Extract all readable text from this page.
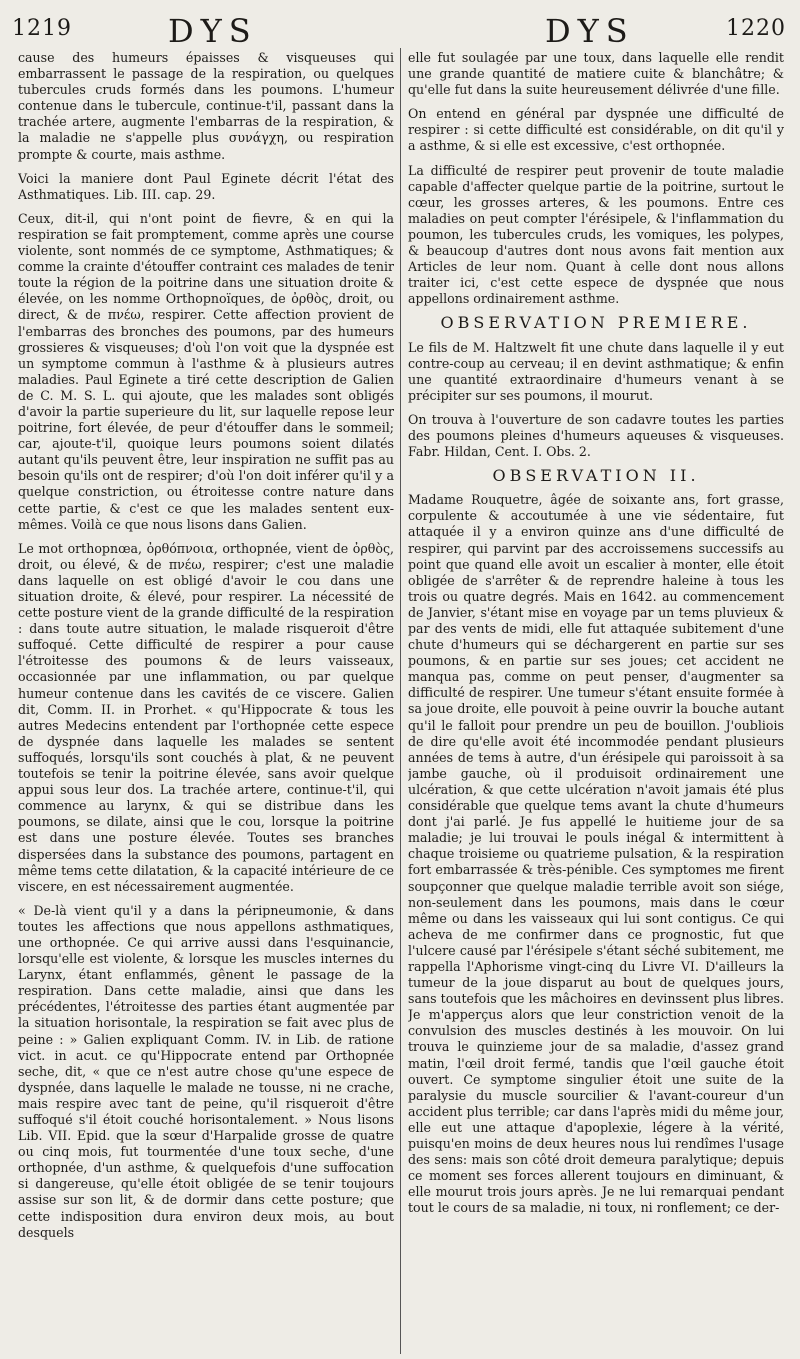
1219	DYS	DYS	1220

cause des humeurs épaisses & visqueuses qui embarrassent le passage de la respiration, ou quelques tubercules cruds formés dans les poumons. L'humeur contenue dans le tubercule, continue-t'il, passant dans la trachée artere, augmente l'embarras de la respiration, & la maladie ne s'appelle plus συνάγχη, ou respiration prompte & courte, mais asthme.

Voici la maniere dont Paul Eginete décrit l'état des Asthmatiques. Lib. III. cap. 29.

Ceux, dit-il, qui n'ont point de fievre, & en qui la respiration se fait promptement, comme après une course violente, sont nommés de ce symptome, Asthmatiques; & comme la crainte d'étouffer contraint ces malades de tenir toute la région de la poitrine dans une situation droite & élevée, on les nomme Orthopnoïques, de ὀρθὸς, droit, ou direct, & de πνέω, respirer. Cette affection provient de l'embarras des bronches des poumons, par des humeurs grossieres & visqueuses; d'où l'on voit que la dyspnée est un symptome commun à l'asthme & à plusieurs autres maladies. Paul Eginete a tiré cette description de Galien de C. M. S. L. qui ajoute, que les malades sont obligés d'avoir la partie superieure du lit, sur laquelle repose leur poitrine, fort élevée, de peur d'étouffer dans le sommeil; car, ajoute-t'il, quoique leurs poumons soient dilatés autant qu'ils peuvent être, leur inspiration ne suffit pas au besoin qu'ils ont de respirer; d'où l'on doit inférer qu'il y a quelque constriction, ou étroitesse contre nature dans cette partie, & c'est ce que les malades sentent eux-mêmes. Voilà ce que nous lisons dans Galien.

Le mot orthopnœa, ὀρθόπνοια, orthopnée, vient de ὀρθὸς, droit, ou élevé, & de πνέω, respirer; c'est une maladie dans laquelle on est obligé d'avoir le cou dans une situation droite, & élevé, pour respirer. La nécessité de cette posture vient de la grande difficulté de la respiration : dans toute autre situation, le malade risqueroit d'être suffoqué. Cette difficulté de respirer a pour cause l'étroitesse des poumons & de leurs vaisseaux, occasionnée par une inflammation, ou par quelque humeur contenue dans les cavités de ce viscere. Galien dit, Comm. II. in Prorhet. « qu'Hippocrate & tous les autres Medecins entendent par l'orthopnée cette espece de dyspnée dans laquelle les malades se sentent suffoqués, lorsqu'ils sont couchés à plat, & ne peuvent toutefois se tenir la poitrine élevée, sans avoir quelque appui sous leur dos. La trachée artere, continue-t'il, qui commence au larynx, & qui se distribue dans les poumons, se dilate, ainsi que le cou, lorsque la poitrine est dans une posture élevée. Toutes ses branches dispersées dans la substance des poumons, partagent en même tems cette dilatation, & la capacité intérieure de ce viscere, en est nécessairement augmentée.

« De-là vient qu'il y a dans la péripneumonie, & dans toutes les affections que nous appellons asthmatiques, une orthopnée. Ce qui arrive aussi dans l'esquinancie, lorsqu'elle est violente, & lorsque les muscles internes du Larynx, étant enflammés, gênent le passage de la respiration. Dans cette maladie, ainsi que dans les précédentes, l'étroitesse des parties étant augmentée par la situation horisontale, la respiration se fait avec plus de peine : » Galien expliquant Comm. IV. in Lib. de ratione vict. in acut. ce qu'Hippocrate entend par Orthopnée seche, dit, « que ce n'est autre chose qu'une espece de dyspnée, dans laquelle le malade ne tousse, ni ne crache, mais respire avec tant de peine, qu'il risqueroit d'être suffoqué s'il étoit couché horisontalement. » Nous lisons Lib. VII. Epid. que la sœur d'Harpalide grosse de quatre ou cinq mois, fut tourmentée d'une toux seche, d'une orthopnée, d'un asthme, & quelquefois d'une suffocation si dangereuse, qu'elle étoit obligée de se tenir toujours assise sur son lit, & de dormir dans cette posture; que cette indisposition dura environ deux mois, au bout desquels

elle fut soulagée par une toux, dans laquelle elle rendit une grande quantité de matiere cuite & blanchâtre; & qu'elle fut dans la suite heureusement délivrée d'une fille.

On entend en général par dyspnée une difficulté de respirer : si cette difficulté est considérable, on dit qu'il y a asthme, & si elle est excessive, c'est orthopnée.

La difficulté de respirer peut provenir de toute maladie capable d'affecter quelque partie de la poitrine, surtout le cœur, les grosses arteres, & les poumons. Entre ces maladies on peut compter l'érésipele, & l'inflammation du poumon, les tubercules cruds, les vomiques, les polypes, & beaucoup d'autres dont nous avons fait mention aux Articles de leur nom. Quant à celle dont nous allons traiter ici, c'est cette espece de dyspnée que nous appellons ordinairement asthme.

OBSERVATION PREMIERE.

Le fils de M. Haltzwelt fit une chute dans laquelle il y eut contre-coup au cerveau; il en devint asthmatique; & enfin une quantité extraordinaire d'humeurs venant à se précipiter sur ses poumons, il mourut.

On trouva à l'ouverture de son cadavre toutes les parties des poumons pleines d'humeurs aqueuses & visqueuses. Fabr. Hildan, Cent. I. Obs. 2.

OBSERVATION II.

Madame Rouquetre, âgée de soixante ans, fort grasse, corpulente & accoutumée à une vie sédentaire, fut attaquée il y a environ quinze ans d'une difficulté de respirer, qui parvint par des accroissemens successifs au point que quand elle avoit un escalier à monter, elle étoit obligée de s'arrêter & de reprendre haleine à tous les trois ou quatre degrés. Mais en 1642. au commencement de Janvier, s'étant mise en voyage par un tems pluvieux & par des vents de midi, elle fut attaquée subitement d'une chute d'humeurs qui se déchargerent en partie sur ses poumons, & en partie sur ses joues; cet accident ne manqua pas, comme on peut penser, d'augmenter sa difficulté de respirer. Une tumeur s'étant ensuite formée à sa joue droite, elle pouvoit à peine ouvrir la bouche autant qu'il le falloit pour prendre un peu de bouillon. J'oubliois de dire qu'elle avoit été incommodée pendant plusieurs années de tems à autre, d'un érésipele qui paroissoit à sa jambe gauche, où il produisoit ordinairement une ulcération, & que cette ulcération n'avoit jamais été plus considérable que quelque tems avant la chute d'humeurs dont j'ai parlé. Je fus appellé le huitieme jour de sa maladie; je lui trouvai le pouls inégal & intermittent à chaque troisieme ou quatrieme pulsation, & la respiration fort embarrassée & très-pénible. Ces symptomes me firent soupçonner que quelque maladie terrible avoit son siége, non-seulement dans les poumons, mais dans le cœur même ou dans les vaisseaux qui lui sont contigus. Ce qui acheva de me confirmer dans ce prognostic, fut que l'ulcere causé par l'érésipele s'étant séché subitement, me rappella l'Aphorisme vingt-cinq du Livre VI. D'ailleurs la tumeur de la joue disparut au bout de quelques jours, sans toutefois que les mâchoires en devinssent plus libres. Je m'apperçus alors que leur constriction venoit de la convulsion des muscles destinés à les mouvoir. On lui trouva le quinzieme jour de sa maladie, d'assez grand matin, l'œil droit fermé, tandis que l'œil gauche étoit ouvert. Ce symptome singulier étoit une suite de la paralysie du muscle sourcilier & l'avant-coureur d'un accident plus terrible; car dans l'après midi du même jour, elle eut une attaque d'apoplexie, légere à la vérité, puisqu'en moins de deux heures nous lui rendîmes l'usage des sens: mais son côté droit demeura paralytique; depuis ce moment ses forces allerent toujours en diminuant, & elle mourut trois jours après. Je ne lui remarquai pendant tout le cours de sa maladie, ni toux, ni ronflement; ce der-
